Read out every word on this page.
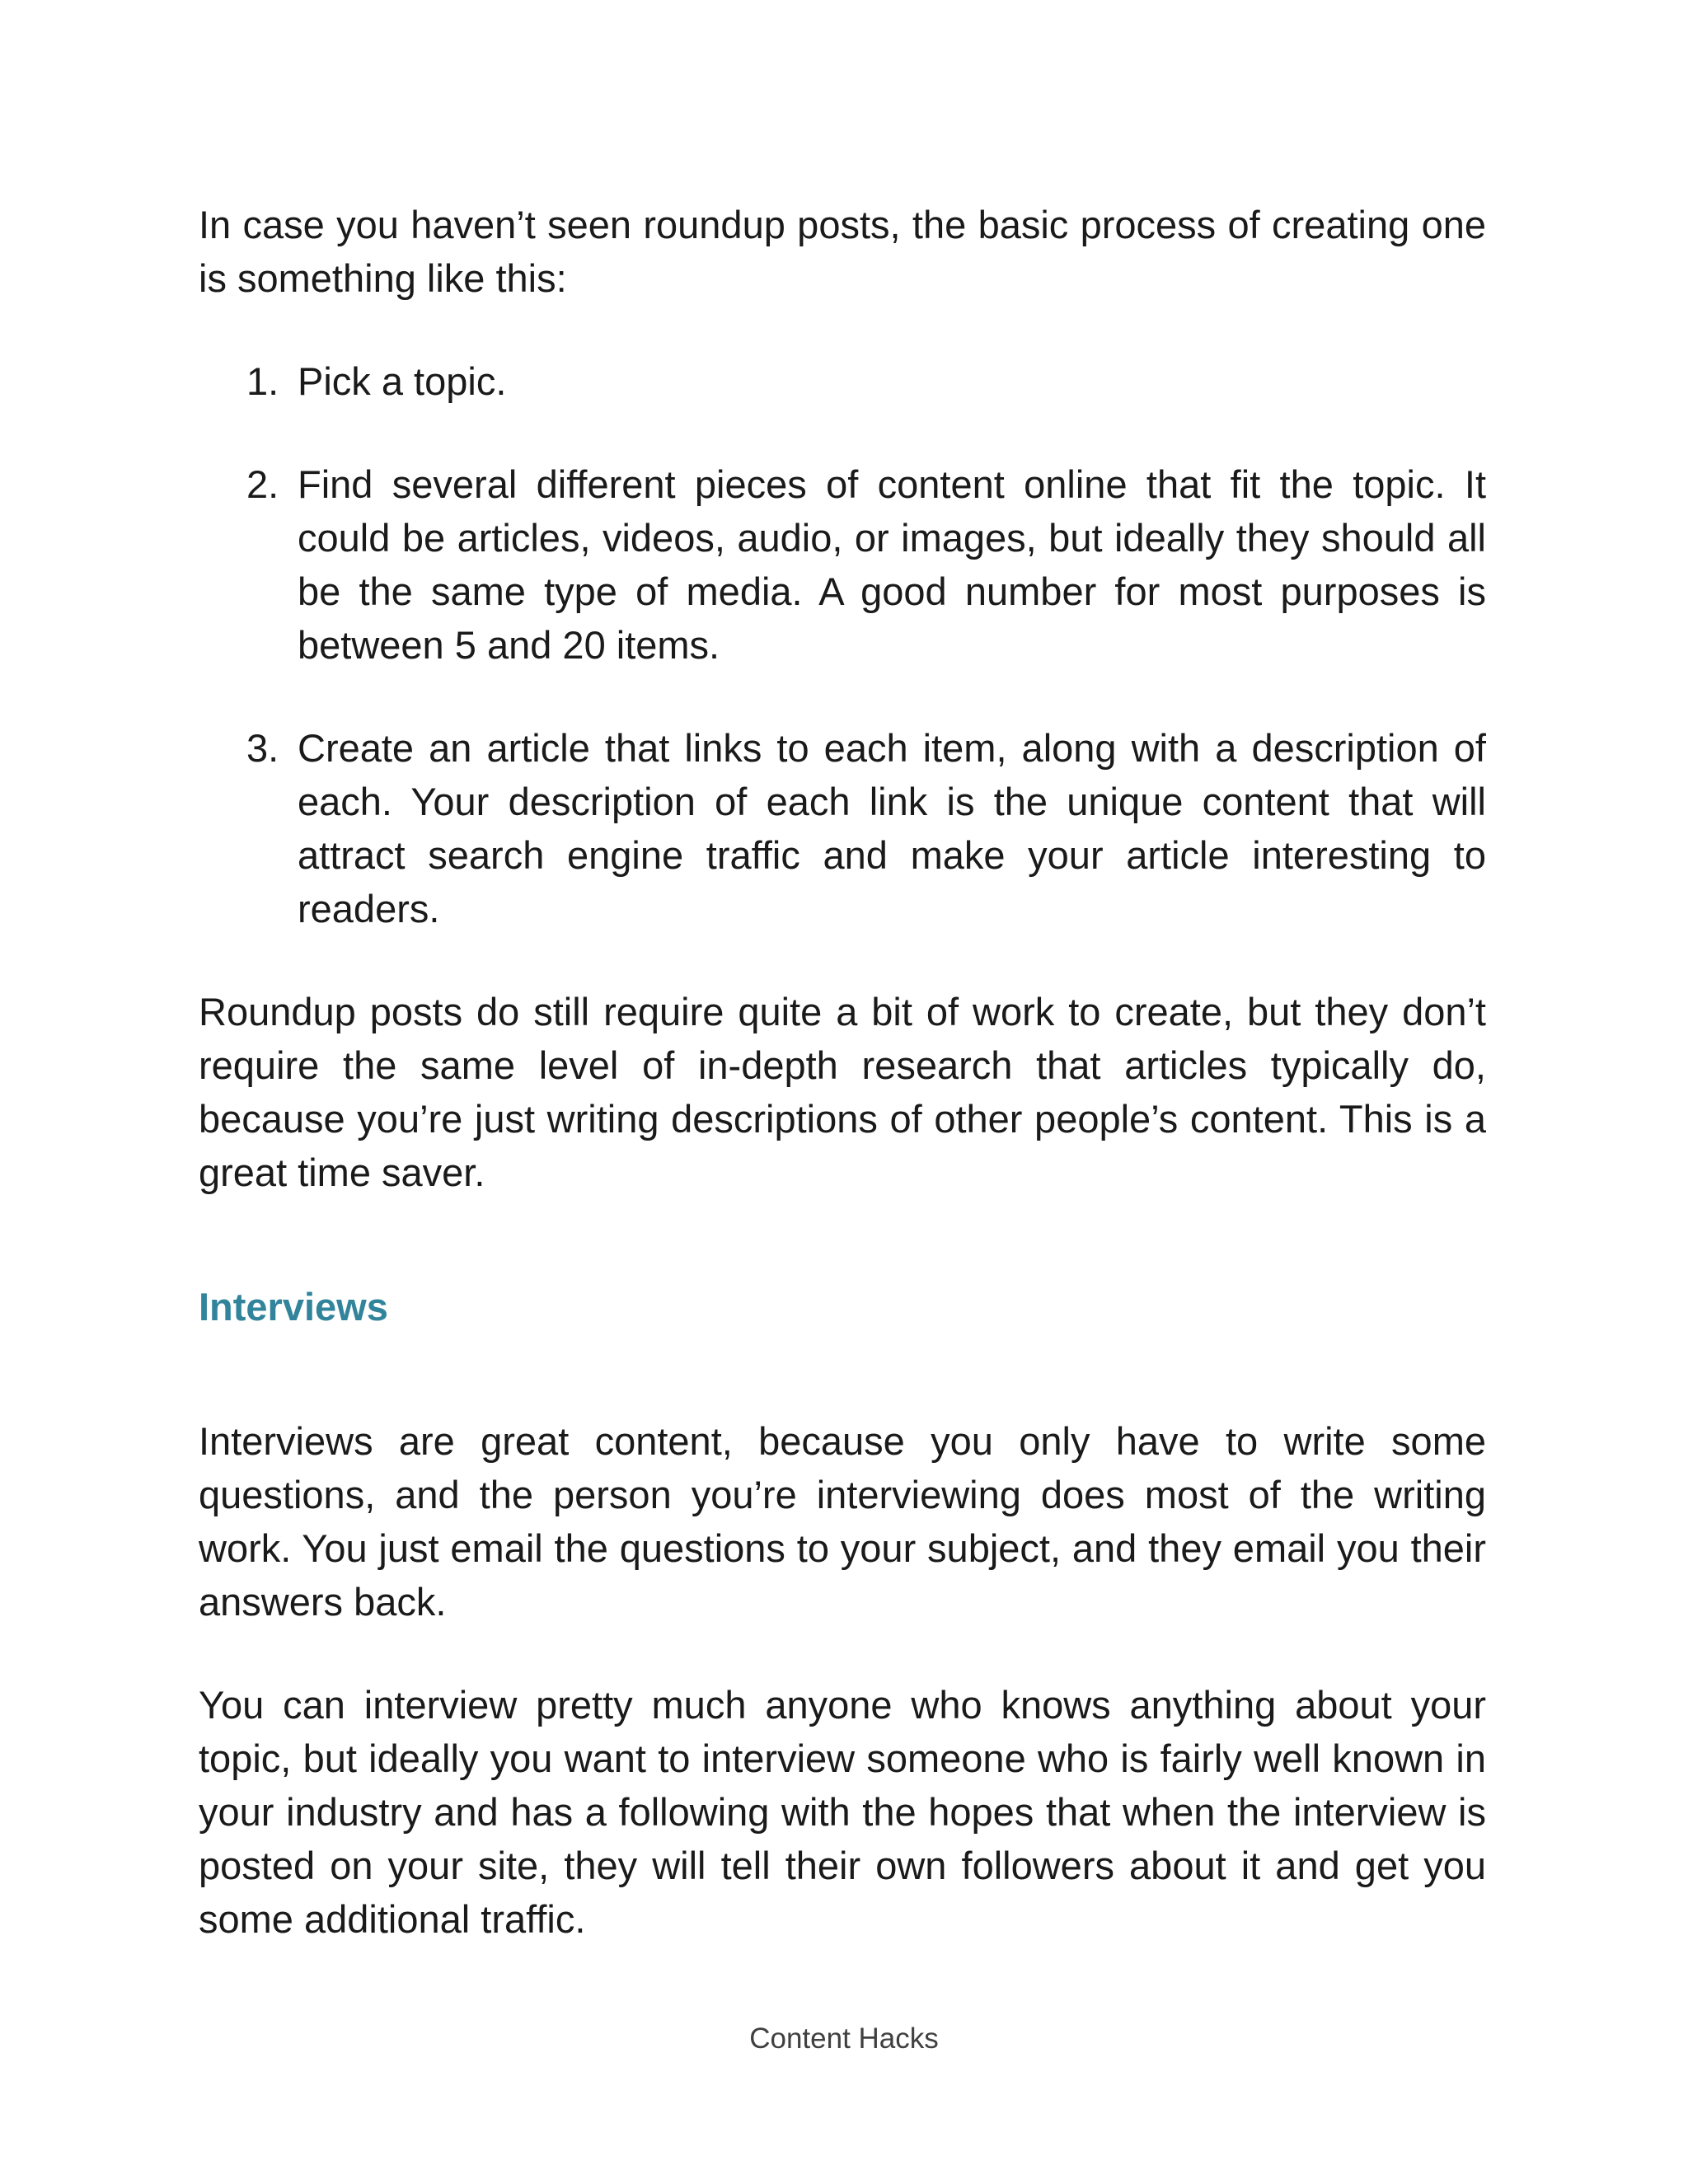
In case you haven’t seen roundup posts, the basic process of creating one is something like this:

1. Pick a topic.
2. Find several different pieces of content online that fit the topic. It could be articles, videos, audio, or images, but ideally they should all be the same type of media. A good number for most purposes is between 5 and 20 items.
3. Create an article that links to each item, along with a description of each. Your description of each link is the unique content that will attract search engine traffic and make your article interesting to readers.

Roundup posts do still require quite a bit of work to create, but they don’t require the same level of in-depth research that articles typically do, because you’re just writing descriptions of other people’s content. This is a great time saver.

Interviews

Interviews are great content, because you only have to write some questions, and the person you’re interviewing does most of the writing work. You just email the questions to your subject, and they email you their answers back.

You can interview pretty much anyone who knows anything about your topic, but ideally you want to interview someone who is fairly well known in your industry and has a following with the hopes that when the interview is posted on your site, they will tell their own followers about it and get you some additional traffic.

Content Hacks
